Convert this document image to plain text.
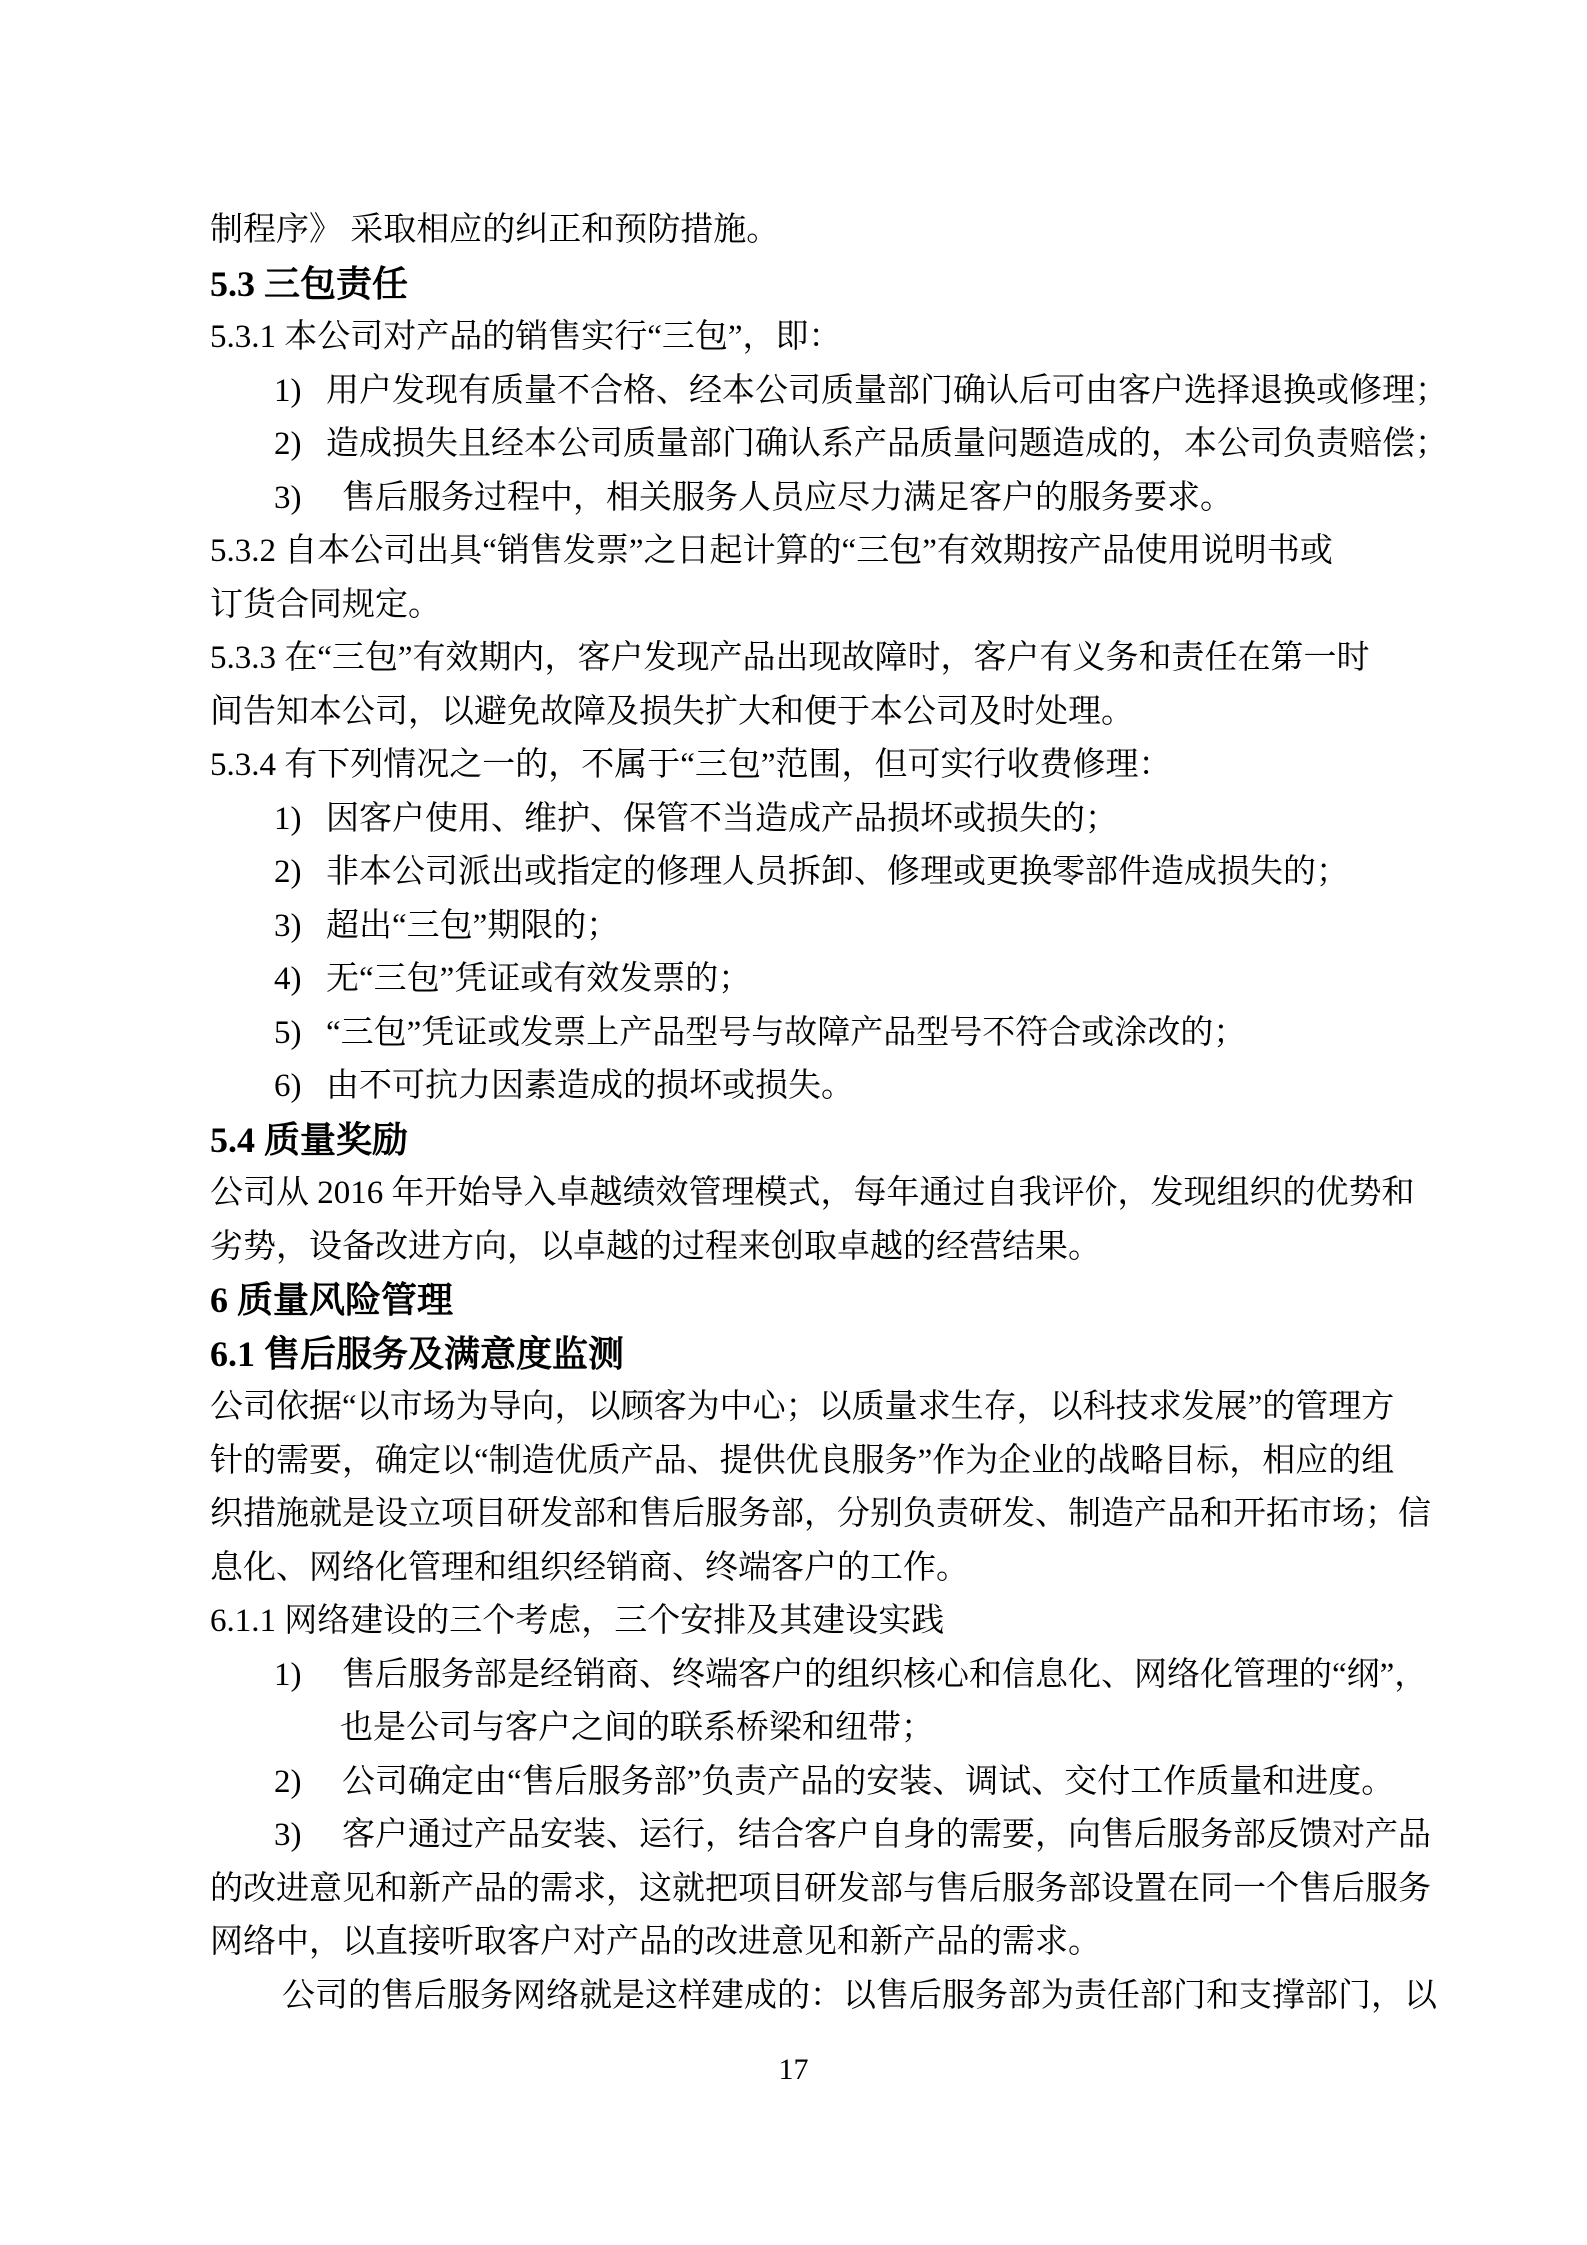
制程序》 采取相应的纠正和预防措施。

5.3 三包责任

5.3.1 本公司对产品的销售实行“三包”，即：

1) 用户发现有质量不合格、经本公司质量部门确认后可由客户选择退换或修理；

2) 造成损失且经本公司质量部门确认系产品质量问题造成的，本公司负责赔偿；

3) 售后服务过程中，相关服务人员应尽力满足客户的服务要求。

5.3.2 自本公司出具“销售发票”之日起计算的“三包”有效期按产品使用说明书或

订货合同规定。

5.3.3 在“三包”有效期内，客户发现产品出现故障时，客户有义务和责任在第一时

间告知本公司，以避免故障及损失扩大和便于本公司及时处理。

5.3.4 有下列情况之一的，不属于“三包”范围，但可实行收费修理：

1) 因客户使用、维护、保管不当造成产品损坏或损失的；

2) 非本公司派出或指定的修理人员拆卸、修理或更换零部件造成损失的；

3) 超出“三包”期限的；

4) 无“三包”凭证或有效发票的；

5) “三包”凭证或发票上产品型号与故障产品型号不符合或涂改的；

6) 由不可抗力因素造成的损坏或损失。

5.4 质量奖励

公司从 2016 年开始导入卓越绩效管理模式，每年通过自我评价，发现组织的优势和

劣势，设备改进方向，以卓越的过程来创取卓越的经营结果。

6 质量风险管理

6.1 售后服务及满意度监测

公司依据“以市场为导向，以顾客为中心；以质量求生存，以科技求发展”的管理方

针的需要，确定以“制造优质产品、提供优良服务”作为企业的战略目标，相应的组

织措施就是设立项目研发部和售后服务部，分别负责研发、制造产品和开拓市场；信

息化、网络化管理和组织经销商、终端客户的工作。

6.1.1 网络建设的三个考虑，三个安排及其建设实践

1) 售后服务部是经销商、终端客户的组织核心和信息化、网络化管理的“纲”，

也是公司与客户之间的联系桥梁和纽带；

2) 公司确定由“售后服务部”负责产品的安装、调试、交付工作质量和进度。

3) 客户通过产品安装、运行，结合客户自身的需要，向售后服务部反馈对产品

的改进意见和新产品的需求，这就把项目研发部与售后服务部设置在同一个售后服务

网络中，以直接听取客户对产品的改进意见和新产品的需求。

公司的售后服务网络就是这样建成的：以售后服务部为责任部门和支撑部门，以

17
